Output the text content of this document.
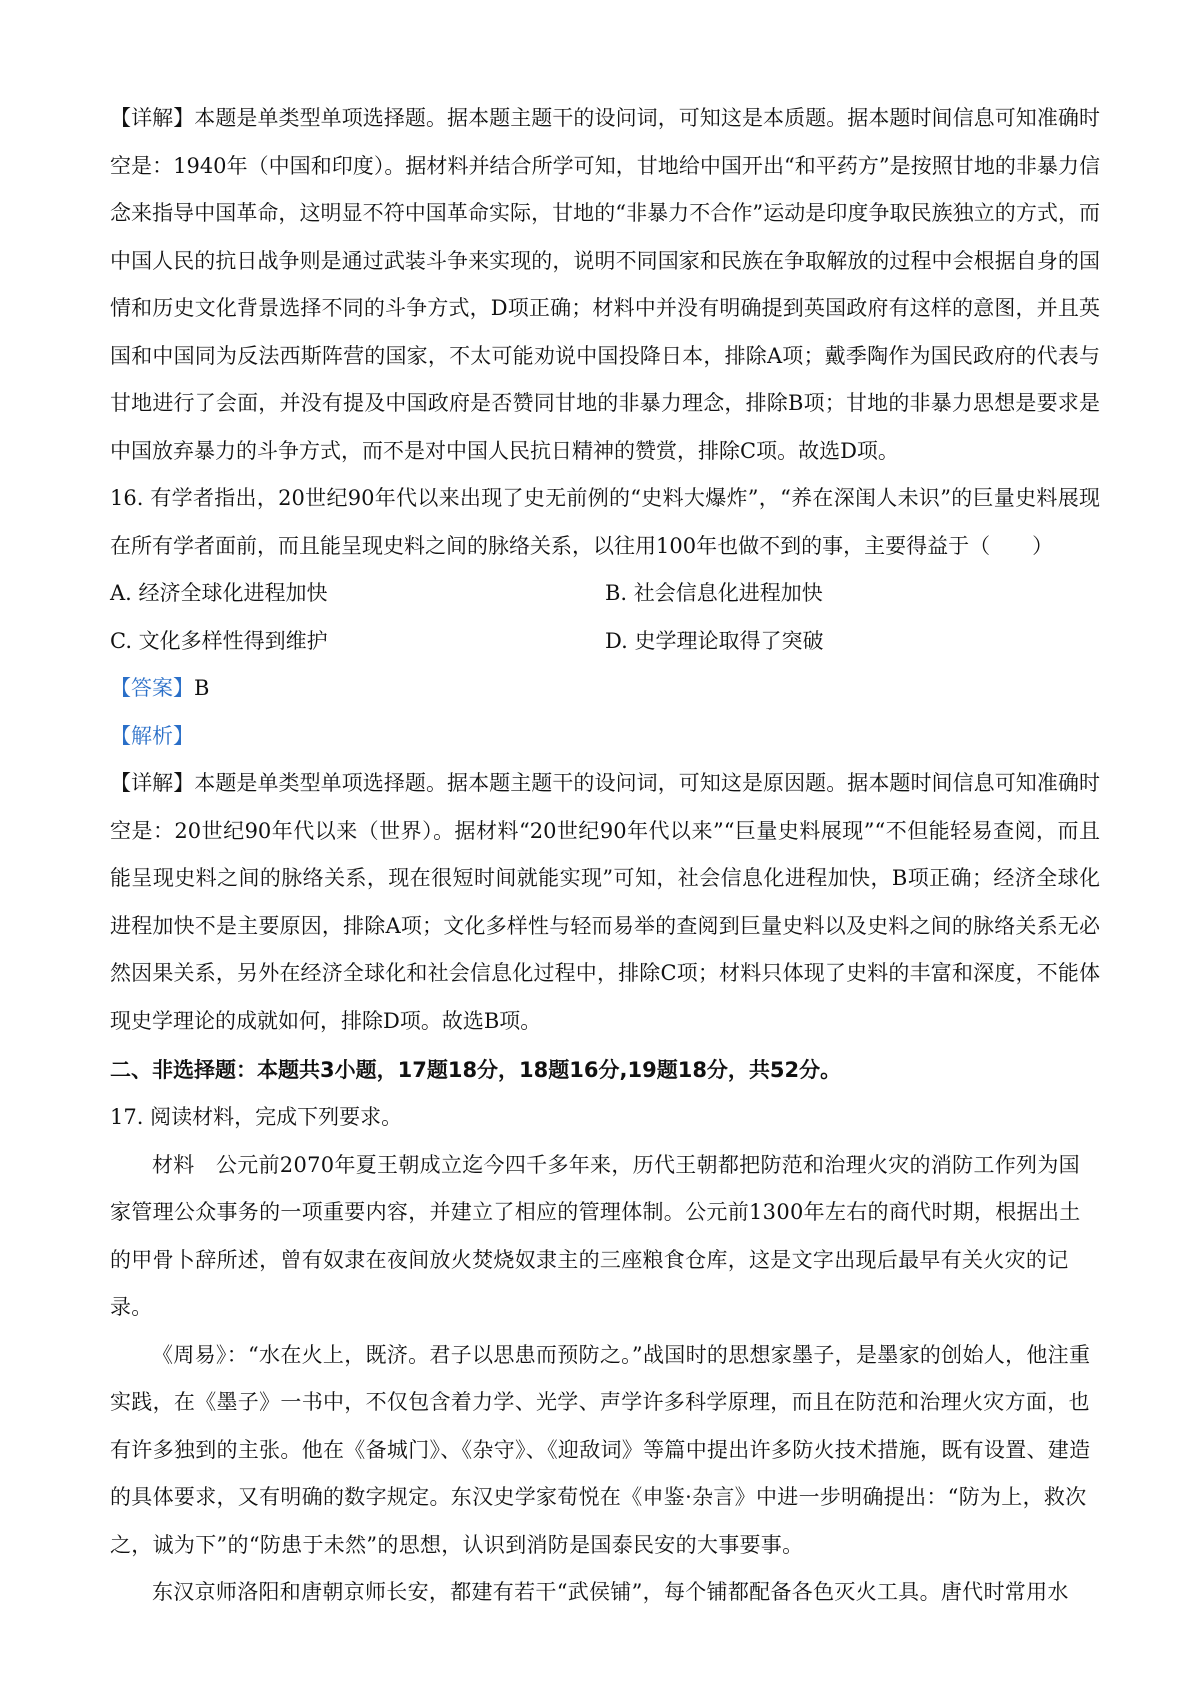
【详解】本题是单类型单项选择题。据本题主题干的设问词，可知这是本质题。据本题时间信息可知准确时空是：1940年（中国和印度）。据材料并结合所学可知，甘地给中国开出“和平药方”是按照甘地的非暴力信念来指导中国革命，这明显不符中国革命实际，甘地的“非暴力不合作”运动是印度争取民族独立的方式，而中国人民的抗日战争则是通过武装斗争来实现的，说明不同国家和民族在争取解放的过程中会根据自身的国情和历史文化背景选择不同的斗争方式，D项正确；材料中并没有明确提到英国政府有这样的意图，并且英国和中国同为反法西斯阵营的国家，不太可能劝说中国投降日本，排除A项；戴季陶作为国民政府的代表与甘地进行了会面，并没有提及中国政府是否赞同甘地的非暴力理念，排除B项；甘地的非暴力思想是要求是中国放弃暴力的斗争方式，而不是对中国人民抗日精神的赞赏，排除C项。故选D项。

16. 有学者指出，20世纪90年代以来出现了史无前例的“史料大爆炸”，“养在深闺人未识”的巨量史料展现在所有学者面前，而且能呈现史料之间的脉络关系，以往用100年也做不到的事，主要得益于（　　）

A. 经济全球化进程加快	B. 社会信息化进程加快
C. 文化多样性得到维护	D. 史学理论取得了突破

【答案】B

【解析】

【详解】本题是单类型单项选择题。据本题主题干的设问词，可知这是原因题。据本题时间信息可知准确时空是：20世纪90年代以来（世界）。据材料“20世纪90年代以来”“巨量史料展现”“不但能轻易查阅，而且能呈现史料之间的脉络关系，现在很短时间就能实现”可知，社会信息化进程加快，B项正确；经济全球化进程加快不是主要原因，排除A项；文化多样性与轻而易举的查阅到巨量史料以及史料之间的脉络关系无必然因果关系，另外在经济全球化和社会信息化过程中，排除C项；材料只体现了史料的丰富和深度，不能体现史学理论的成就如何，排除D项。故选B项。

二、非选择题：本题共3小题，17题18分，18题16分,19题18分，共52分。

17. 阅读材料，完成下列要求。

材料　公元前2070年夏王朝成立迄今四千多年来，历代王朝都把防范和治理火灾的消防工作列为国家管理公众事务的一项重要内容，并建立了相应的管理体制。公元前1300年左右的商代时期，根据出土的甲骨卜辞所述，曾有奴隶在夜间放火焚烧奴隶主的三座粮食仓库，这是文字出现后最早有关火灾的记录。

《周易》：“水在火上，既济。君子以思患而预防之。”战国时的思想家墨子，是墨家的创始人，他注重实践，在《墨子》一书中，不仅包含着力学、光学、声学许多科学原理，而且在防范和治理火灾方面，也有许多独到的主张。他在《备城门》、《杂守》、《迎敌词》等篇中提出许多防火技术措施，既有设置、建造的具体要求，又有明确的数字规定。东汉史学家荀悦在《申鉴·杂言》中进一步明确提出：“防为上，救次之，诚为下”的“防患于未然”的思想，认识到消防是国泰民安的大事要事。

东汉京师洛阳和唐朝京师长安，都建有若干“武侯铺”，每个铺都配备各色灭火工具。唐代时常用水
